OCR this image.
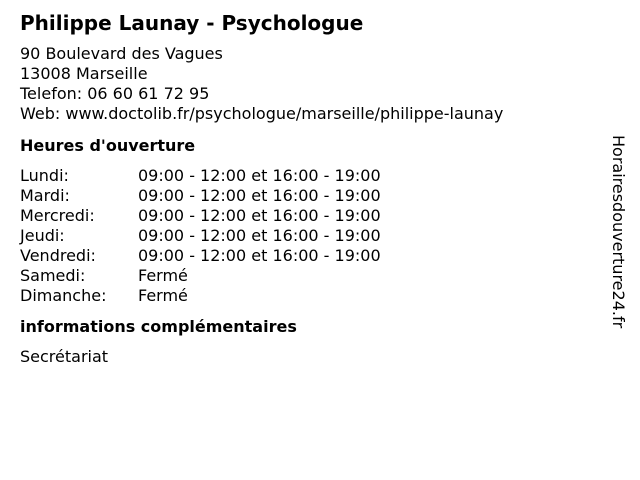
Philippe Launay - Psychologue
90 Boulevard des Vagues
13008 Marseille
Telefon: 06 60 61 72 95
Web: www.doctolib.fr/psychologue/marseille/philippe-launay
Heures d'ouverture
Lundi:	09:00 - 12:00 et 16:00 - 19:00
Mardi:	09:00 - 12:00 et 16:00 - 19:00
Mercredi:	09:00 - 12:00 et 16:00 - 19:00
Jeudi:	09:00 - 12:00 et 16:00 - 19:00
Vendredi:	09:00 - 12:00 et 16:00 - 19:00
Samedi:	Fermé
Dimanche:	Fermé
informations complémentaires
Secrétariat
Horairesdouverture24.fr
